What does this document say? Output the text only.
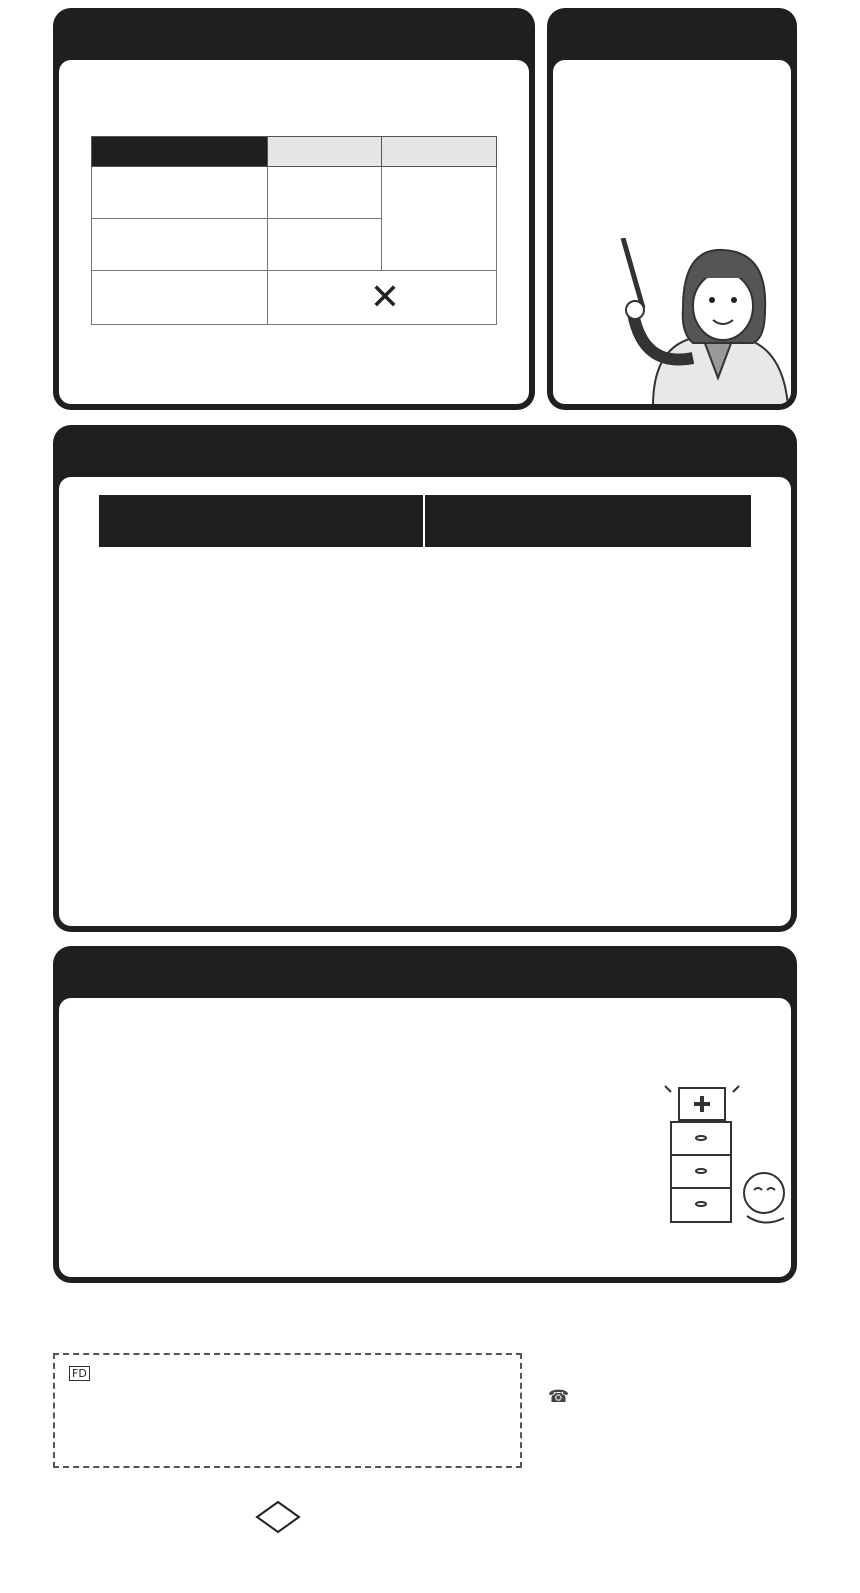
	✕	

FD
☎
